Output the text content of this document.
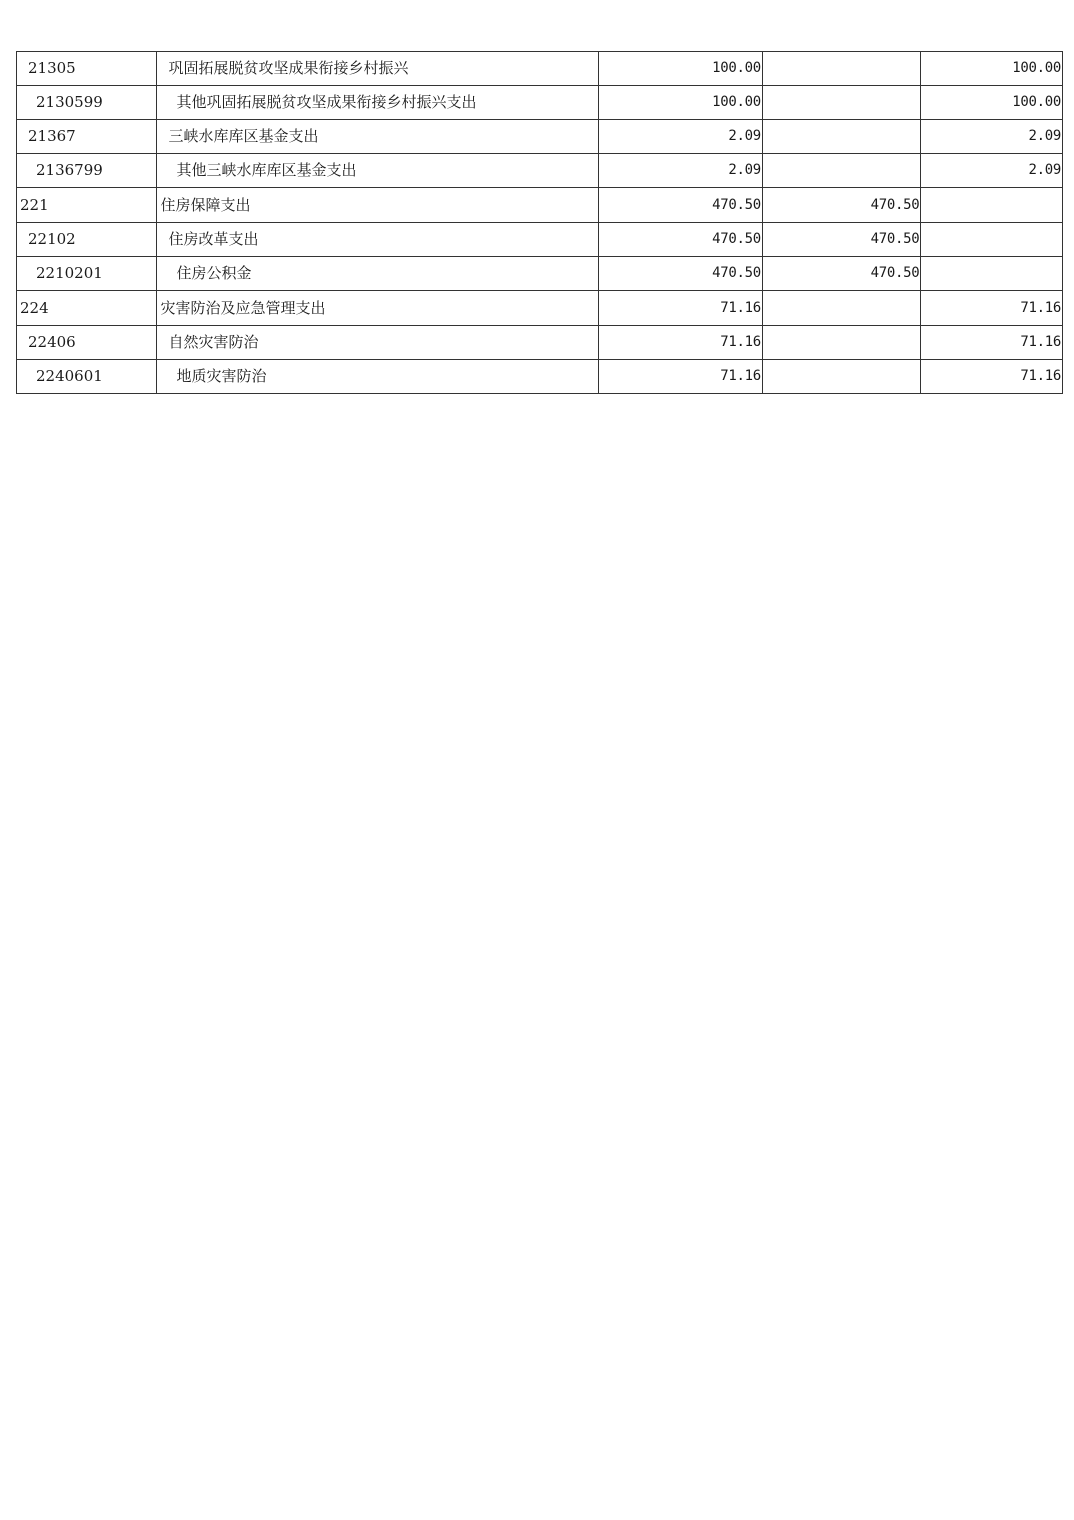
21305	巩固拓展脱贫攻坚成果衔接乡村振兴	100.00		100.00
2130599	其他巩固拓展脱贫攻坚成果衔接乡村振兴支出	100.00		100.00
21367	三峡水库库区基金支出	2.09		2.09
2136799	其他三峡水库库区基金支出	2.09		2.09
221	住房保障支出	470.50	470.50	
22102	住房改革支出	470.50	470.50	
2210201	住房公积金	470.50	470.50	
224	灾害防治及应急管理支出	71.16		71.16
22406	自然灾害防治	71.16		71.16
2240601	地质灾害防治	71.16		71.16
